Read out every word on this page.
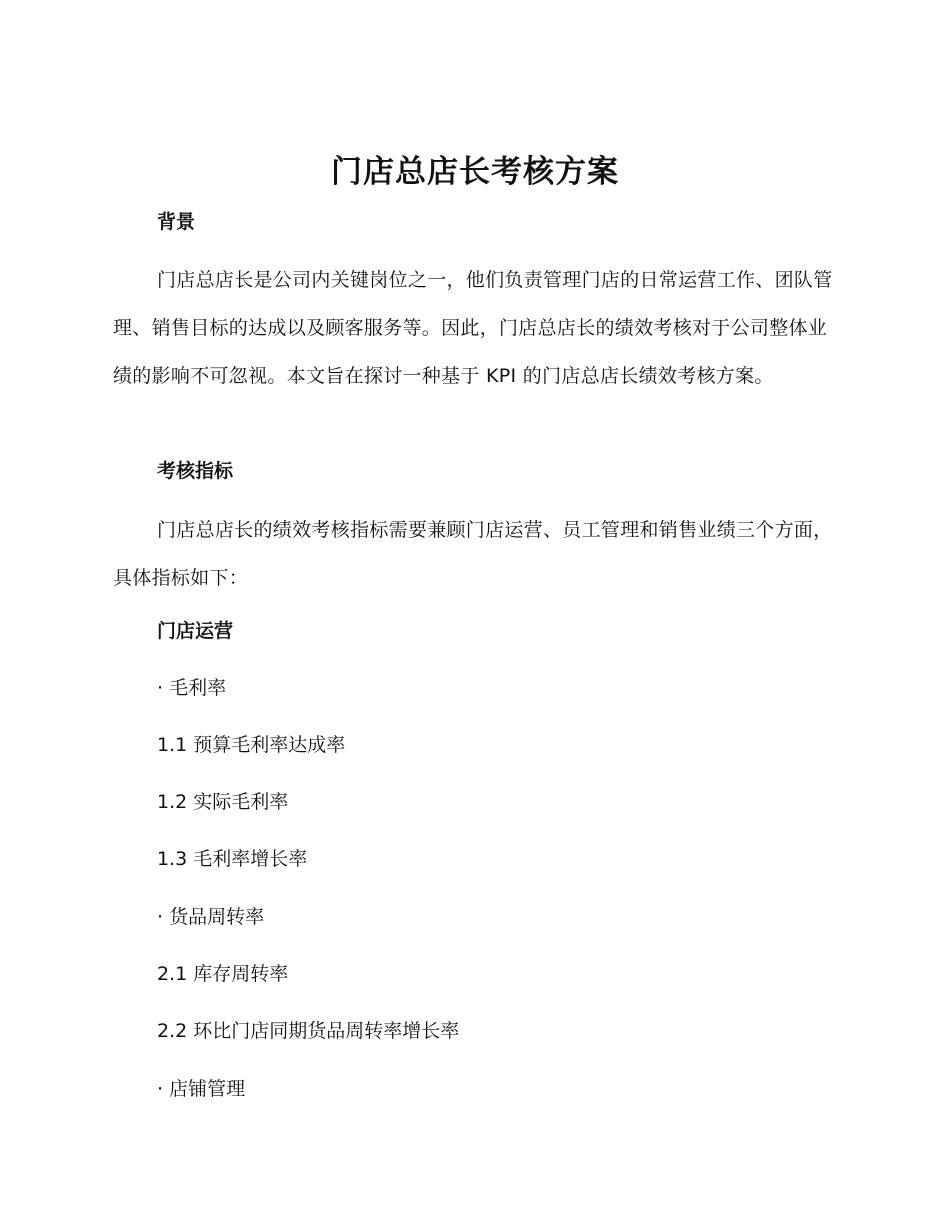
门店总店长考核方案
背景
门店总店长是公司内关键岗位之一，他们负责管理门店的日常运营工作、团队管理、销售目标的达成以及顾客服务等。因此，门店总店长的绩效考核对于公司整体业绩的影响不可忽视。本文旨在探讨一种基于 KPI 的门店总店长绩效考核方案。
考核指标
门店总店长的绩效考核指标需要兼顾门店运营、员工管理和销售业绩三个方面，具体指标如下：
门店运营
· 毛利率
1.1 预算毛利率达成率
1.2 实际毛利率
1.3 毛利率增长率
· 货品周转率
2.1 库存周转率
2.2 环比门店同期货品周转率增长率
· 店铺管理
